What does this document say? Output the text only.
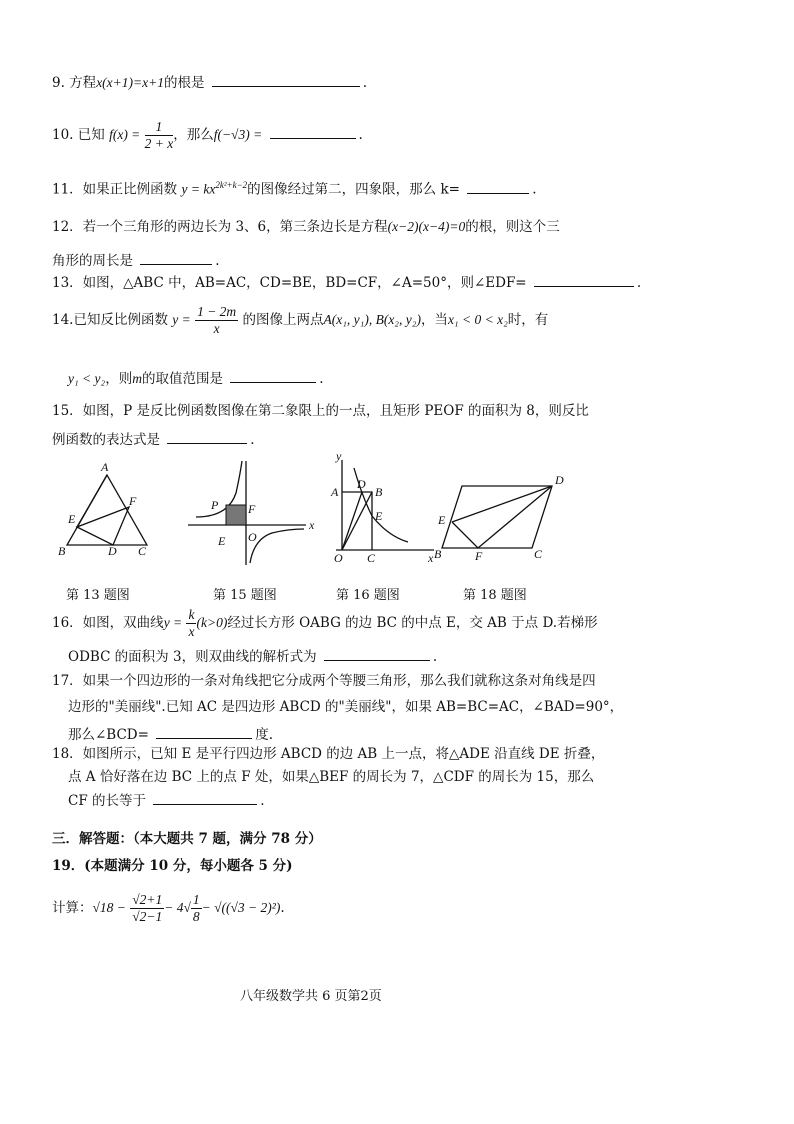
9. 方程x(x+1)=x+1的根是	.
10. 已知 $f(x) = \frac{1}{2 + x}$ ，那么f(−√3) =	.
11．如果正比例函数 $y = kx^{2k^2+k-2}$的图像经过第二，四象限，那么 k=	.
12．若一个三角形的两边长为 3、6，第三条边长是方程(x−2)(x−4)=0的根，则这个三
角形的周长是	.
13．如图，△ABC 中，AB=AC，CD=BE，BD=CF，∠A=50°，则∠EDF=	.
14.已知反比例函数 $y = \frac{1 - 2m}{x}$ 的图像上两点A(x₁, y₁), B(x₂, y₂)，当x₁ < 0 < x₂时，有
y₁ < y₂，则m的取值范围是	.
15．如图，P 是反比例函数图像在第二象限上的一点，且矩形 PEOF 的面积为 8，则反比
例函数的表达式是	.
A
B	C
D
E
F	P F
E O
x
y
A
D
B
E
O C	x
D
E
B	F	C
第 13 题图	第 15 题图	第 16 题图	第 18 题图
16．如图，双曲线$y = \frac{k}{x} (k>0)$经过长方形 OABG 的边 BC 的中点 E，交 AB 于点 D.若梯形
ODBC 的面积为 3，则双曲线的解析式为	.
17．如果一个四边形的一条对角线把它分成两个等腰三角形，那么我们就称这条对角线是四
边形的"美丽线".已知 AC 是四边形 ABCD 的"美丽线"，如果 AB=BC=AC，∠BAD=90°，
那么∠BCD=	度.
18．如图所示，已知 E 是平行四边形 ABCD 的边 AB 上一点，将△ADE 沿直线 DE 折叠，
点 A 恰好落在边 BC 上的点 F 处，如果△BEF 的周长为 7，△CDF 的周长为 15，那么
CF 的长等于	.
三．解答题：（本大题共 7 题，满分 78 分）
19．(本题满分 10 分，每小题各 5 分)
计算：$√18 - \frac{√2+1}{√2-1} - 4√ \frac{1}{8} - √((√3 - 2)^2)$.
八年级数学共 6 页第2页
